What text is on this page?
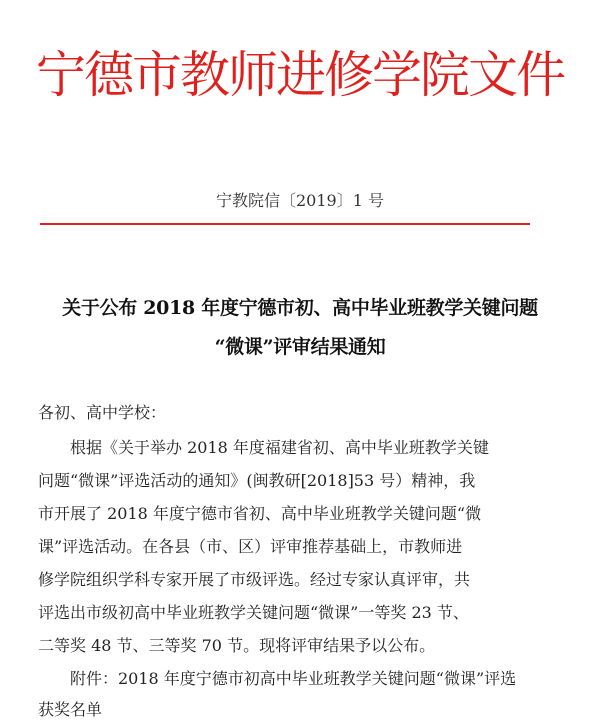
宁德市教师进修学院文件
宁教院信〔2019〕1 号
关于公布 2018 年度宁德市初、高中毕业班教学关键问题
“微课”评审结果通知
各初、高中学校：
根据《关于举办 2018 年度福建省初、高中毕业班教学关键
问题“微课”评选活动的通知》(闽教研[2018]53 号）精神，我
市开展了 2018 年度宁德市省初、高中毕业班教学关键问题“微
课”评选活动。在各县（市、区）评审推荐基础上，市教师进
修学院组织学科专家开展了市级评选。经过专家认真评审，共
评选出市级初高中毕业班教学关键问题“微课”一等奖 23 节、
二等奖 48 节、三等奖 70 节。现将评审结果予以公布。
附件：2018 年度宁德市初高中毕业班教学关键问题“微课”评选
获奖名单
